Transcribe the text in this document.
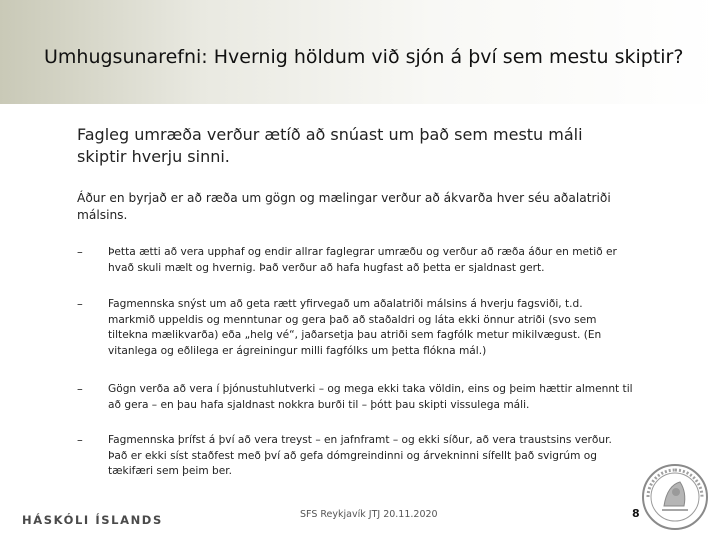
Umhugsunarefni: Hvernig höldum við sjón á því sem mestu skiptir?
Fagleg umræða verður ætíð að snúast um það sem mestu máli skiptir hverju sinni.
Áður en byrjað er að ræða um gögn og mælingar verður að ákvarða hver séu aðalatriði málsins.
–	Þetta ætti að vera upphaf og endir allrar faglegrar umræðu og verður að ræða áður en metið er hvað skuli mælt og hvernig. Það verður að hafa hugfast að þetta er sjaldnast gert.
–	Fagmennska snýst um að geta rætt yfirvegað um aðalatriði málsins á hverju fagsviði, t.d. markmið uppeldis og menntunar og gera það að staðaldri og láta ekki önnur atriði (svo sem tiltekna mælikvarða) eða „helg vé“, jaðarsetja þau atriði sem fagfólk metur mikilvægust. (En vitanlega og eðlilega er ágreiningur milli fagfólks um þetta flókna mál.)
–	Gögn verða að vera í þjónustuhlutverki – og mega ekki taka völdin, eins og þeim hættir almennt til að gera – en þau hafa sjaldnast nokkra burði til – þótt þau skipti vissulega máli.
–	Fagmennska þrífst á því að vera treyst – en jafnframt – og ekki síður, að vera traustsins verður. Það er ekki síst staðfest með því að gefa dómgreindinni og árvekninni sífellt það svigrúm og tækifæri sem þeim ber.
HÁSKÓLI ÍSLANDS	SFS Reykjavík JTJ 20.11.2020	8
